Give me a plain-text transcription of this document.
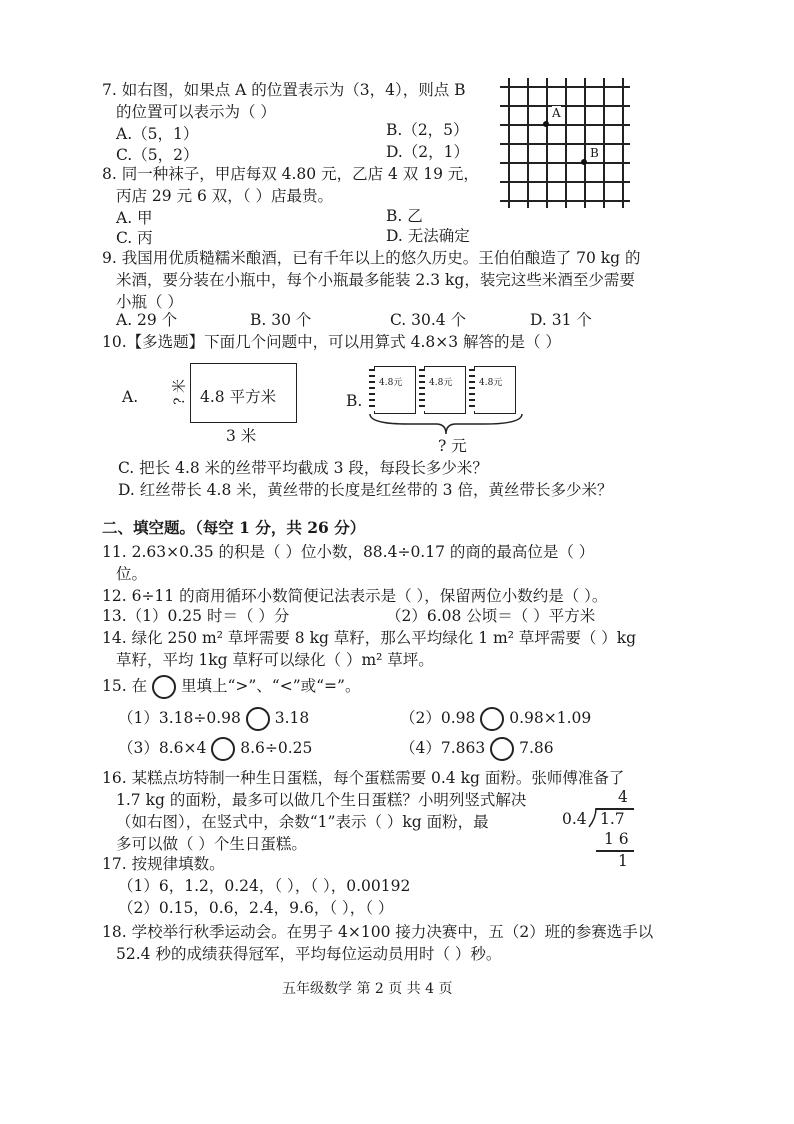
7. 如右图，如果点 A 的位置表示为（3，4），则点 B
的位置可以表示为（ ）
A.（5，1）	B.（2，5）
C.（5，2）	D.（2，1）
A
B
8. 同一种袜子，甲店每双 4.80 元，乙店 4 双 19 元，
丙店 29 元 6 双，（ ）店最贵。
A. 甲	B. 乙
C. 丙	D. 无法确定
9. 我国用优质糙糯米酿酒，已有千年以上的悠久历史。王伯伯酿造了 70 kg 的
米酒，要分装在小瓶中，每个小瓶最多能装 2.3 kg，装完这些米酒至少需要
小瓶（ ）
A. 29 个	B. 30 个	C. 30.4 个	D. 31 个
10.【多选题】下面几个问题中，可以用算式 4.8×3 解答的是（ ）
A. ? 米 4.8 平方米
3 米
B.
4.8元	4.8元	4.8元
? 元
C. 把长 4.8 米的丝带平均截成 3 段，每段长多少米？
D. 红丝带长 4.8 米，黄丝带的长度是红丝带的 3 倍，黄丝带长多少米？
二、填空题。（每空 1 分，共 26 分）
11. 2.63×0.35 的积是（ ）位小数，88.4÷0.17 的商的最高位是（ ）
位。
12. 6÷11 的商用循环小数简便记法表示是（ ），保留两位小数约是（ ）。
13.（1）0.25 时＝（ ）分	（2）6.08 公顷＝（ ）平方米
14. 绿化 250 m² 草坪需要 8 kg 草籽，那么平均绿化 1 m² 草坪需要（ ）kg
草籽，平均 1kg 草籽可以绿化（ ）m² 草坪。
15. 在 里填上“>”、“<”或“=”。
（1）3.18÷0.98 3.18	（2）0.98 0.98×1.09
（3）8.6×4 8.6÷0.25	（4）7.863 7.86
16. 某糕点坊特制一种生日蛋糕，每个蛋糕需要 0.4 kg 面粉。张师傅准备了
1.7 kg 的面粉，最多可以做几个生日蛋糕？小明列竖式解决
（如右图），在竖式中，余数“1”表示（ ）kg 面粉，最
多可以做（ ）个生日蛋糕。
4
0.4 1.7
1 6
1
17. 按规律填数。
（1）6，1.2，0.24，（ ），（ ），0.00192
（2）0.15，0.6，2.4，9.6，（ ），（ ）
18. 学校举行秋季运动会。在男子 4×100 接力决赛中，五（2）班的参赛选手以
52.4 秒的成绩获得冠军，平均每位运动员用时（ ）秒。
五年级数学 第 2 页 共 4 页
